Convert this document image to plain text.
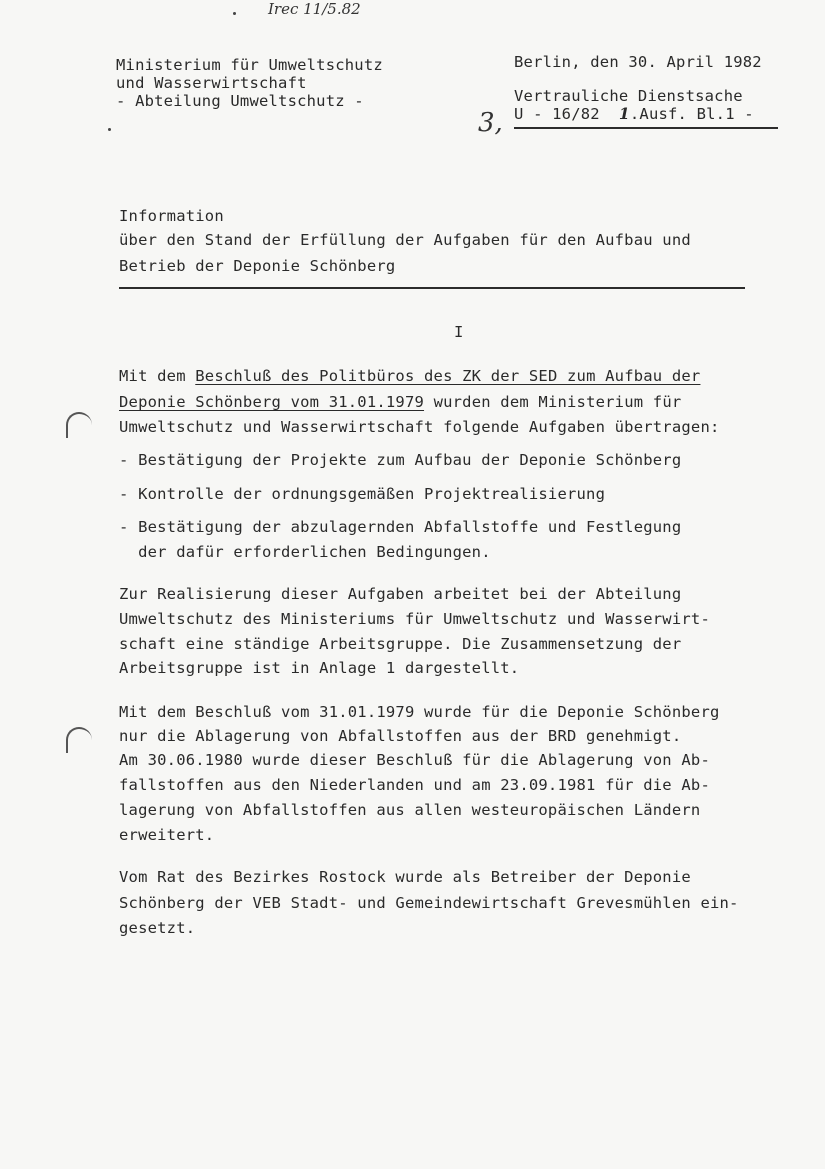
Irec 11/5.82
Ministerium für Umweltschutz
und Wasserwirtschaft
- Abteilung Umweltschutz -
Berlin, den 30. April 1982
Vertrauliche Dienstsache
U - 16/82 1.Ausf. Bl.1 -
3,
Information
über den Stand der Erfüllung der Aufgaben für den Aufbau und
Betrieb der Deponie Schönberg
I
Mit dem Beschluß des Politbüros des ZK der SED zum Aufbau der
Deponie Schönberg vom 31.01.1979 wurden dem Ministerium für
Umweltschutz und Wasserwirtschaft folgende Aufgaben übertragen:
- Bestätigung der Projekte zum Aufbau der Deponie Schönberg
- Kontrolle der ordnungsgemäßen Projektrealisierung
- Bestätigung der abzulagernden Abfallstoffe und Festlegung
der dafür erforderlichen Bedingungen.
Zur Realisierung dieser Aufgaben arbeitet bei der Abteilung
Umweltschutz des Ministeriums für Umweltschutz und Wasserwirt-
schaft eine ständige Arbeitsgruppe. Die Zusammensetzung der
Arbeitsgruppe ist in Anlage 1 dargestellt.
Mit dem Beschluß vom 31.01.1979 wurde für die Deponie Schönberg
nur die Ablagerung von Abfallstoffen aus der BRD genehmigt.
Am 30.06.1980 wurde dieser Beschluß für die Ablagerung von Ab-
fallstoffen aus den Niederlanden und am 23.09.1981 für die Ab-
lagerung von Abfallstoffen aus allen westeuropäischen Ländern
erweitert.
Vom Rat des Bezirkes Rostock wurde als Betreiber der Deponie
Schönberg der VEB Stadt- und Gemeindewirtschaft Grevesmühlen ein-
gesetzt.
